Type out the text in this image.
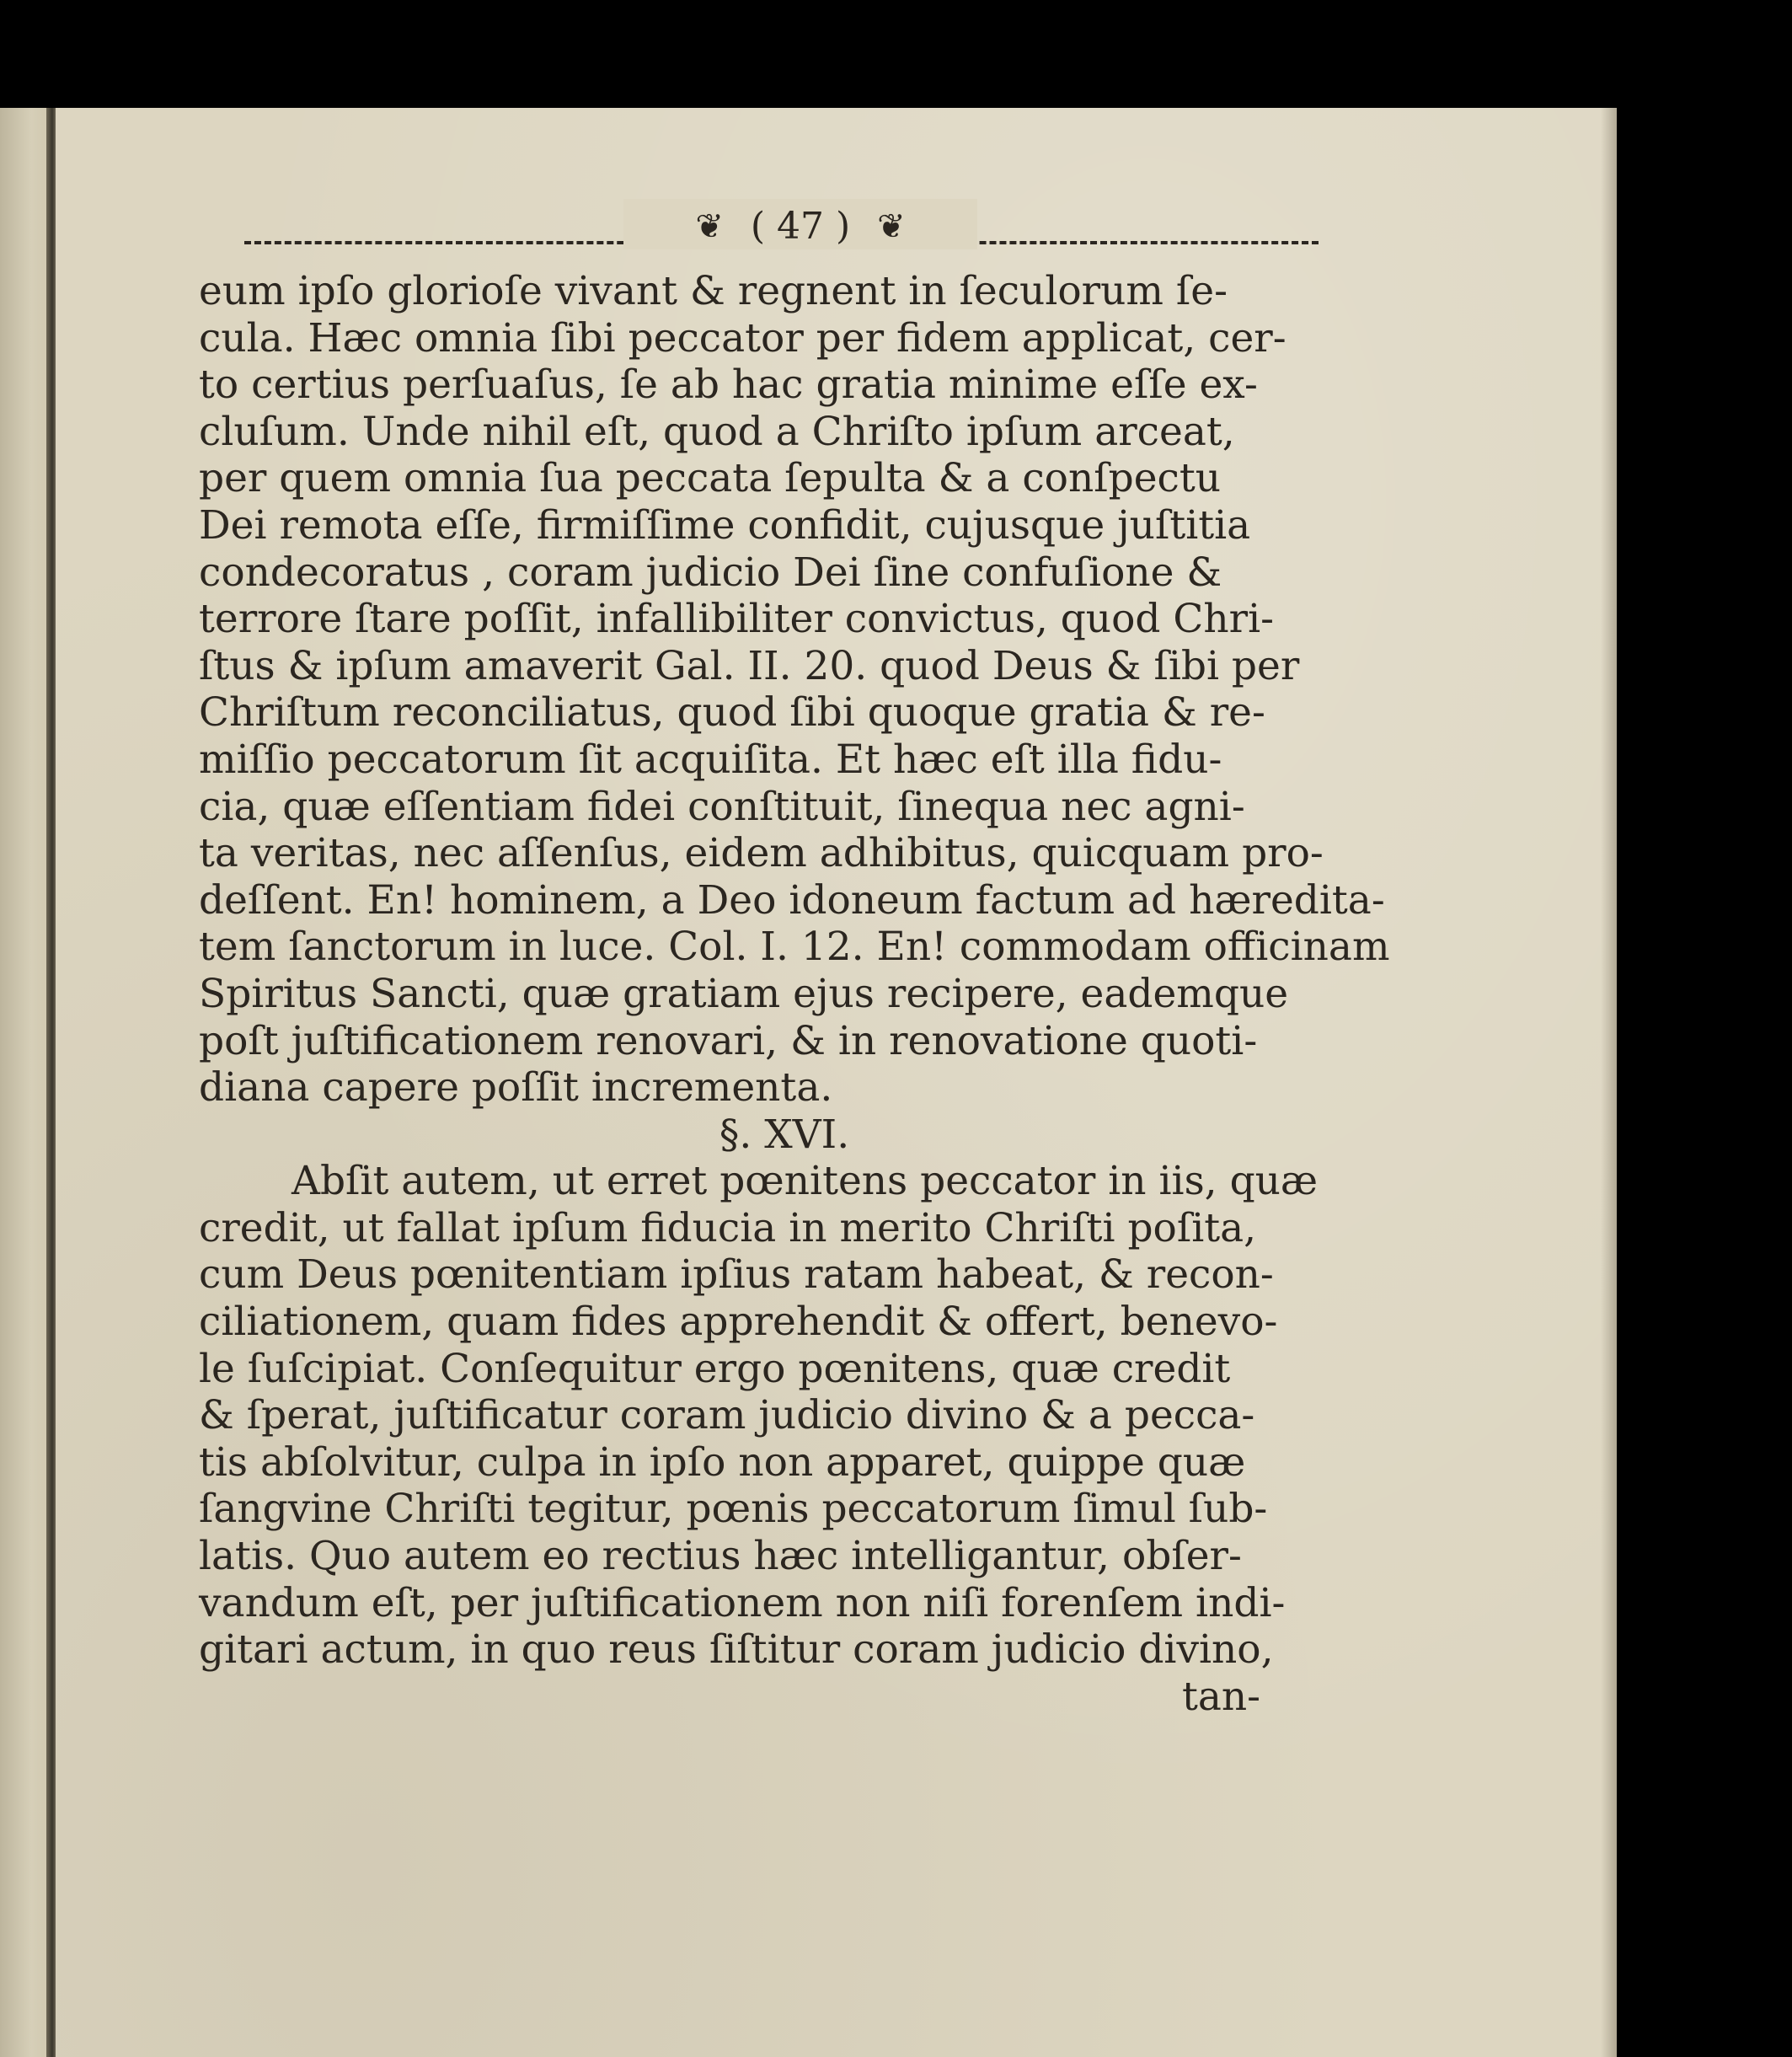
❦ ( 47 ) ❦
eum ipſo glorioſe vivant & regnent in ſeculorum ſe-
cula. Hæc omnia ſibi peccator per fidem applicat, cer-
to certius perſuaſus, ſe ab hac gratia minime eſſe ex-
cluſum. Unde nihil eſt, quod a Chriſto ipſum arceat,
per quem omnia ſua peccata ſepulta & a conſpectu
Dei remota eſſe, firmiſſime confidit, cujusque juſtitia
condecoratus , coram judicio Dei ſine confuſione &
terrore ſtare poſſit, infallibiliter convictus, quod Chri-
ſtus & ipſum amaverit Gal. II. 20. quod Deus & ſibi per
Chriſtum reconciliatus, quod ſibi quoque gratia & re-
miſſio peccatorum ſit acquiſita. Et hæc eſt illa fidu-
cia, quæ eſſentiam fidei conſtituit, ſinequa nec agni-
ta veritas, nec aſſenſus, eidem adhibitus, quicquam pro-
deſſent. En! hominem, a Deo idoneum factum ad hæredita-
tem ſanctorum in luce. Col. I. 12. En! commodam officinam
Spiritus Sancti, quæ gratiam ejus recipere, eademque
poſt juſtificationem renovari, & in renovatione quoti-
diana capere poſſit incrementa.
§. XVI.
Abſit autem, ut erret pœnitens peccator in iis, quæ
credit, ut fallat ipſum fiducia in merito Chriſti poſita,
cum Deus pœnitentiam ipſius ratam habeat, & recon-
ciliationem, quam fides apprehendit & offert, benevo-
le ſuſcipiat. Conſequitur ergo pœnitens, quæ credit
& ſperat, juſtificatur coram judicio divino & a pecca-
tis abſolvitur, culpa in ipſo non apparet, quippe quæ
ſangvine Chriſti tegitur, pœnis peccatorum ſimul ſub-
latis. Quo autem eo rectius hæc intelligantur, obſer-
vandum eſt, per juſtificationem non niſi forenſem indi-
gitari actum, in quo reus ſiſtitur coram judicio divino,
tan-
